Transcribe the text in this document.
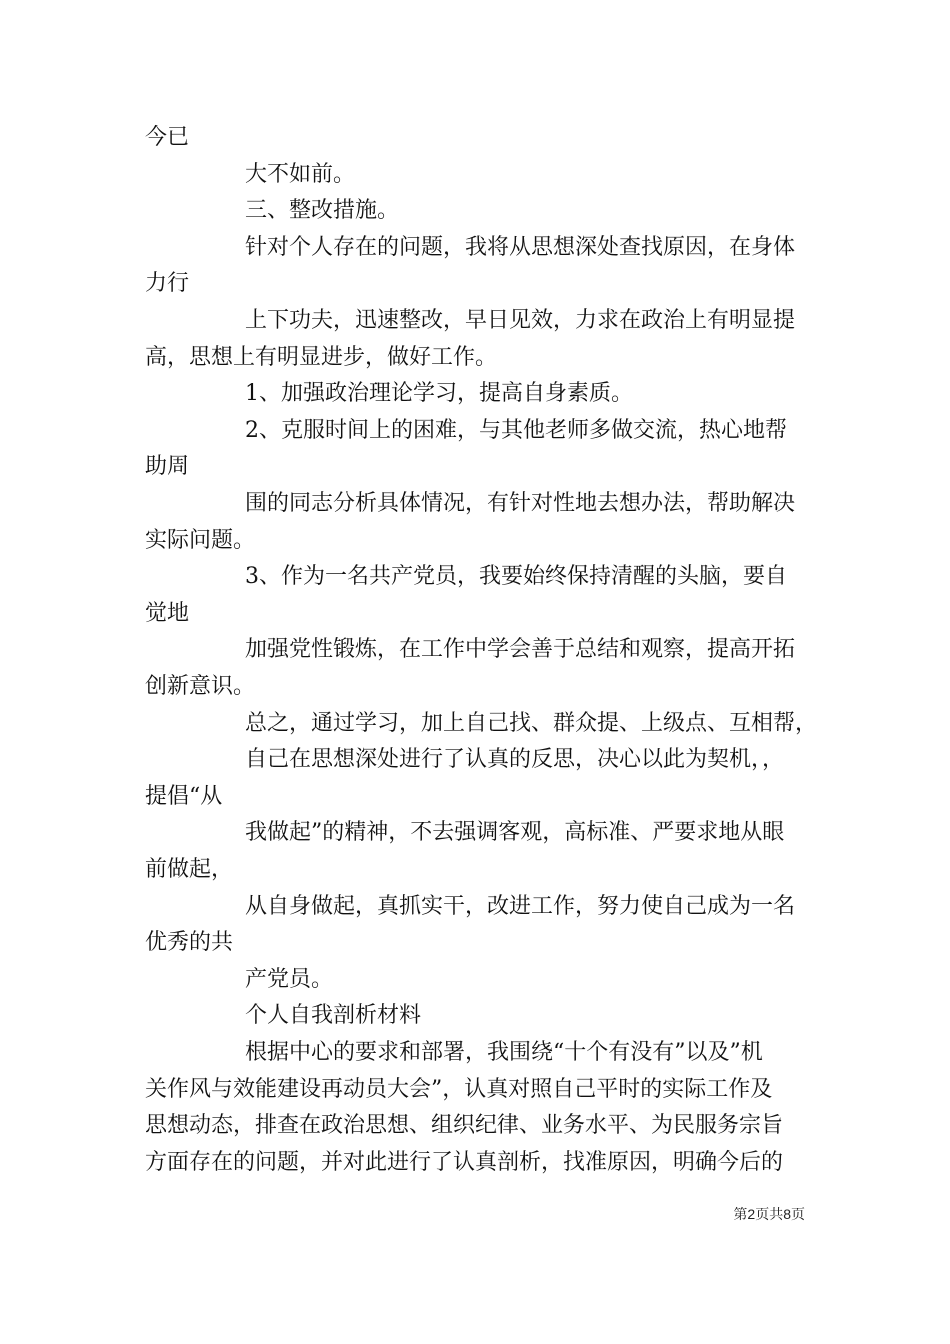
今已
大不如前。
三、整改措施。
针对个人存在的问题，我将从思想深处查找原因，在身体
力行
上下功夫，迅速整改，早日见效，力求在政治上有明显提
高，思想上有明显进步，做好工作。
1、加强政治理论学习，提高自身素质。
2、克服时间上的困难，与其他老师多做交流，热心地帮
助周
围的同志分析具体情况，有针对性地去想办法，帮助解决
实际问题。
3、作为一名共产党员，我要始终保持清醒的头脑，要自
觉地
加强党性锻炼，在工作中学会善于总结和观察，提高开拓
创新意识。
总之，通过学习，加上自己找、群众提、上级点、互相帮，
自己在思想深处进行了认真的反思，决心以此为契机，，
提倡“从
我做起”的精神，不去强调客观，高标准、严要求地从眼
前做起，
从自身做起，真抓实干，改进工作，努力使自己成为一名
优秀的共
产党员。
个人自我剖析材料
根据中心的要求和部署，我围绕“十个有没有”以及”机
关作风与效能建设再动员大会”，认真对照自己平时的实际工作及
思想动态，排查在政治思想、组织纪律、业务水平、为民服务宗旨
方面存在的问题，并对此进行了认真剖析，找准原因，明确今后的
第2页共8页
